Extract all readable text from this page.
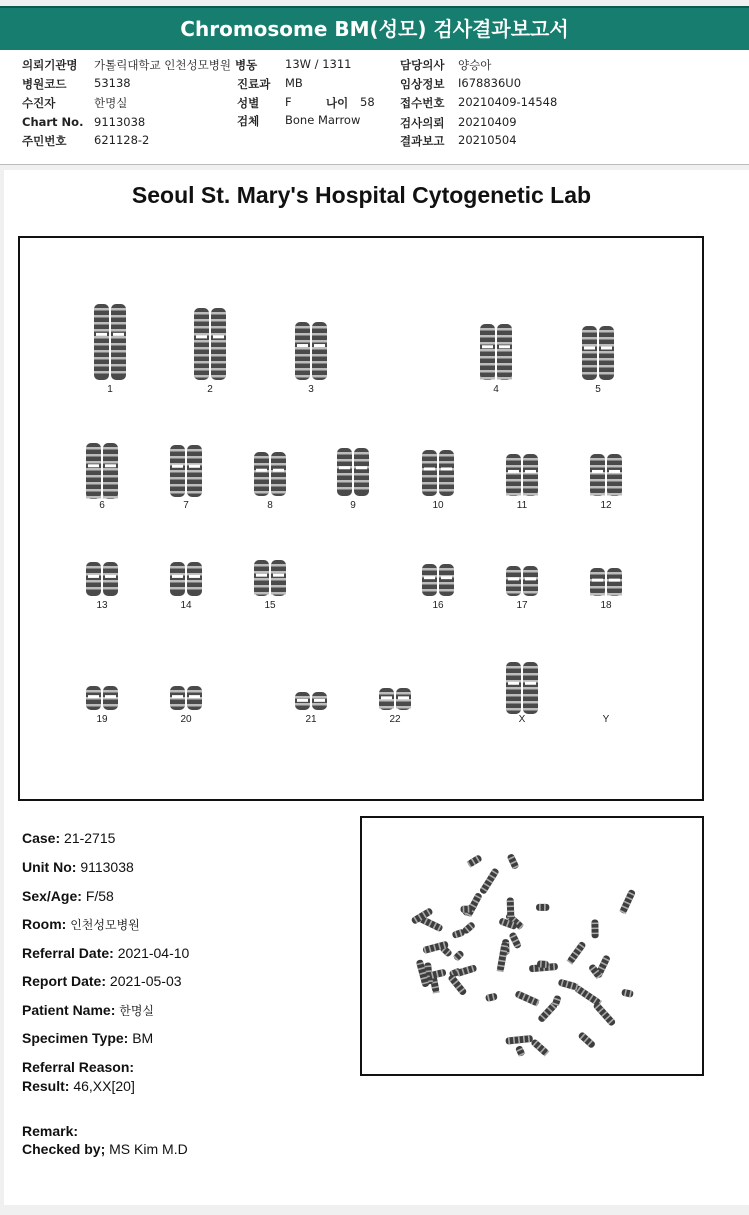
Chromosome BM(성모) 검사결과보고서
의뢰기관명 가톨릭대학교 인천성모병원 병동 13W / 1311	담당의사 양승아
병원코드 53138	진료과 MB	임상정보 I678836U0
수진자	한명실	성별 F	나이 58 접수번호 20210409-14548
Chart No. 9113038	검체 Bone Marrow	검사의뢰 20210409
주민번호 621128-2	결과보고 20210504
Seoul St. Mary's Hospital Cytogenetic Lab
1	2	3	4	5
6	7	8	9	10	11	12
13	14	15	16	17	18
19	20	21	22	X	Y
Case: 21-2715
Unit No: 9113038
Sex/Age: F/58
Room: 인천성모병원
Referral Date: 2021-04-10
Report Date: 2021-05-03
Patient Name: 한명실
Specimen Type: BM
Referral Reason:
Result: 46,XX[20]
Remark:
Checked by; MS Kim M.D
